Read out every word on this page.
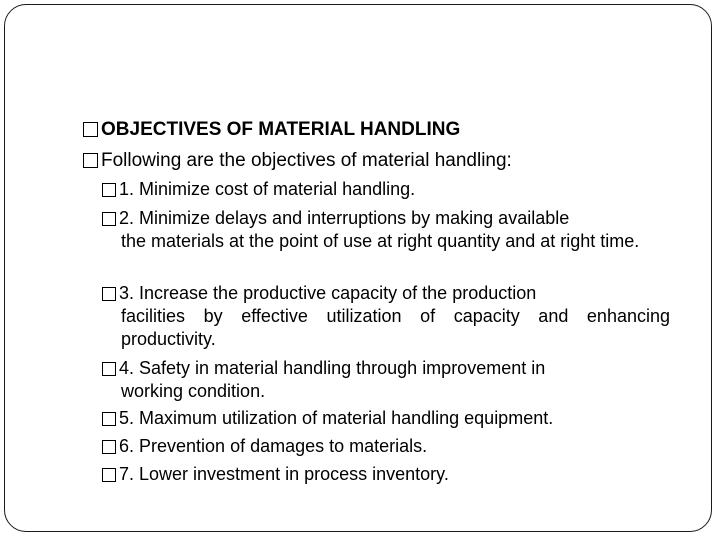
OBJECTIVES OF MATERIAL HANDLING
Following are the objectives of material handling:
1. Minimize cost of material handling.
2. Minimize delays and interruptions by making available
the materials at the point of use at right quantity and at right time.
3. Increase the productive capacity of the production
facilities by effective utilization of capacity and enhancing productivity.
4. Safety in material handling through improvement in
working condition.
5. Maximum utilization of material handling equipment.
6. Prevention of damages to materials.
7. Lower investment in process inventory.
